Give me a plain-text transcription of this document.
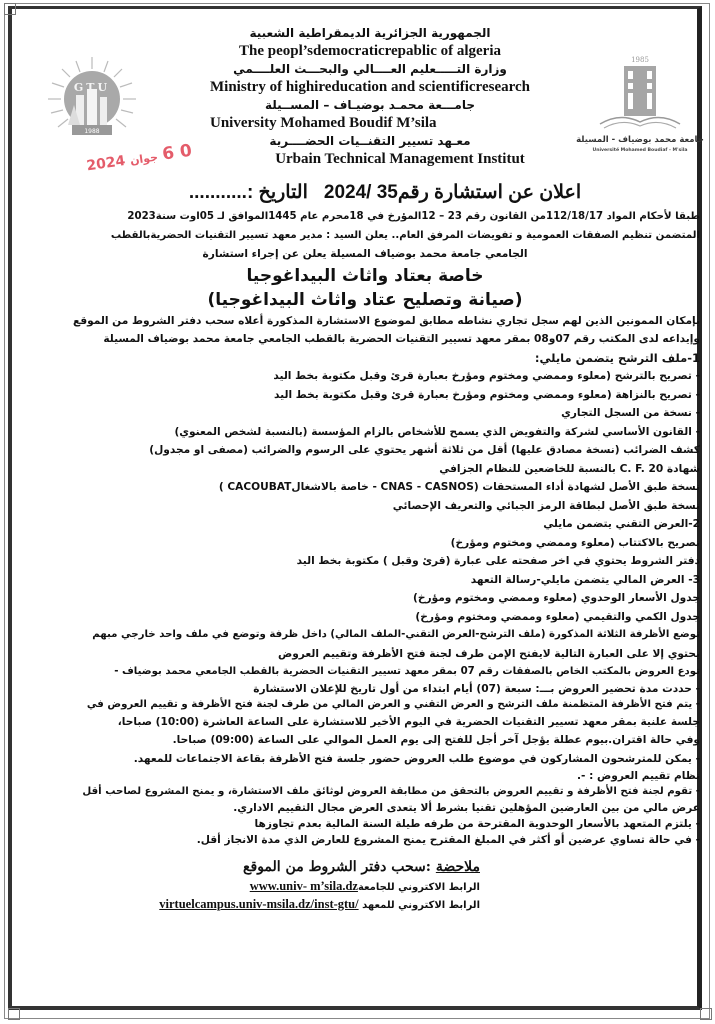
1988
GTU
1985
جامعة محمد بوضياف - المسيلة
Université Mohamed Boudiaf - M'sila
الجمهورية الجزائرية الديمقراطية الشعبية
The peopl’sdemocraticrepablic of algeria
وزارة التـــــعليم العــــالي والبحـــث العلــــمي
Ministry of highireducation and scientificresearch
جامـــعة محمـد بوضيـاف – المســيلة
University Mohamed Boudif M’sila
معـهد تسيير التقنــيات الحضــــرية
Urbain Technical Management Institut
0 6 جوان 2024
اعلان عن استشارة رقم35 /2024التاريخ :...........
طبقا لأحكام المواد 112/18/17من القانون رقم 23 – 12المؤرخ في 18محرم عام 1445الموافق لـ 05اوت سنة2023
المتضمن تنظيم الصفقات العمومية و تفويضات المرفق العام.. يعلن السيد : مدير معهد تسيير التقنيات الحضريةبالقطب
الجامعي جامعة محمد بوضياف المسيلة يعلن عن إجراء استشارة
خاصة بعتاد واثاث البيداغوجيا
(صيانة وتصليح عتاد واثاث البيداغوجيا)
بإمكان الممونين الذين لهم سجل تجاري نشاطه مطابق لموضوع الاستشارة المذكورة أعلاه سحب دفتر الشروط من الموقع
وإيداعه لدى المكتب رقم 07و08 بمقر معهد تسيير التقنيات الحضرية بالقطب الجامعي جامعة محمد بوضياف المسيلة
1-ملف الترشح يتضمن مايلي:
- تصريح بالترشح (معلوء وممضي ومختوم ومؤرخ بعبارة قرئ وقبل مكتوبة بخط اليد
- تصريح بالنزاهة (معلوء وممضي ومختوم ومؤرخ بعبارة قرئ وقبل مكتوبة بخط اليد
- نسخة من السجل التجاري
- القانون الأساسي لشركة والتفويض الذي يسمح للأشخاص بالزام المؤسسة (بالنسبة لشخص المعنوي)
كشف الضرائب (نسخة مصادق عليها) أقل من ثلاثة أشهر يحتوي على الرسوم والضرائب (مصفى او مجدول)
شهادة C. F. 20 بالنسبة للخاضعين للنظام الجزافي
نسخة طبق الأصل لشهادة أداء المستحقات (CNAS - CASNOS - خاصة بالاشغالCACOUBAT )
نسخة طبق الأصل لبطاقة الرمز الجبائي والتعريف الإحصائي
2-العرض التقني يتضمن مايلي
تصريح بالاكتتاب (معلوء وممضي ومختوم ومؤرخ)
دفتر الشروط يحتوي في اخر صفحته على عبارة (قرئ وقبل ) مكتوبة بخط اليد
3- العرض المالي يتضمن مايلي-رسالة التعهد
جدول الأسعار الوحدوي (معلوء وممضي ومختوم ومؤرخ)
جدول الكمي والتقيمي (معلوء وممضي ومختوم ومؤرخ)
توضع الأظرفة الثلاثة المذكورة (ملف الترشح-العرض التقني-الملف المالي) داخل ظرفة وتوضع في ملف واحد خارجي مبهم
يحتوي إلا على العبارة التالية لايفتح الإمن طرف لجنة فتح الأظرفة وتقييم العروض
تودع العروض بالمكتب الخاص بالصفقات رقم 07 بمقر معهد تسيير التقنيات الحضرية بالقطب الجامعي محمد بوضياف -
- حددت مدة تحضير العروض بـــ: سبعة (07) أيام ابتداء من أول تاريخ للإعلان الاستشارة
- يتم فتح الأظرفة المتظمنة ملف الترشح و العرض التقني و العرض المالي من طرف لجنة فتح الأظرفة و تقييم العروض في
جلسة علنية بمقر معهد تسيير التقنيات الحضرية في اليوم الأخير للاستشارة على الساعة العاشرة (10:00) صباحا،
وفي حالة اقتران.بيوم عطلة يؤجل آخر أجل للفتح إلى يوم العمل الموالي على الساعة (09:00) صباحا.
- يمكن للمترشحون المشاركون في موضوع طلب العروض حضور جلسة فتح الأظرفة بقاعة الاجتماعات للمعهد.
نظام تقييم العروض : -.
- تقوم لجنة فتح الأظرفة و تقييم العروض بالتحقق من مطابقة العروض لوثائق ملف الاستشارة، و يمنح المشروع لصاحب أقل
عرض مالي من بين العارضين المؤهلين تقنيا بشرط ألا يتعدى العرض مجال التقييم الاداري.
- يلتزم المتعهد بالأسعار الوحدوية المقترحة من طرفه طيلة السنة المالية بعدم تجاوزها
- في حالة تساوي عرضين أو أكثر في المبلغ المقترح يمنح المشروع للعارض الذي مدة الانجاز أقل.
ملاحضة :سحب دفتر الشروط من الموقع
الرابط الاكتروني للجامعةwww.univ- m’sila.dz
الرابط الاكتروني للمعهد virtuelcampus.univ-msila.dz/inst-gtu/
